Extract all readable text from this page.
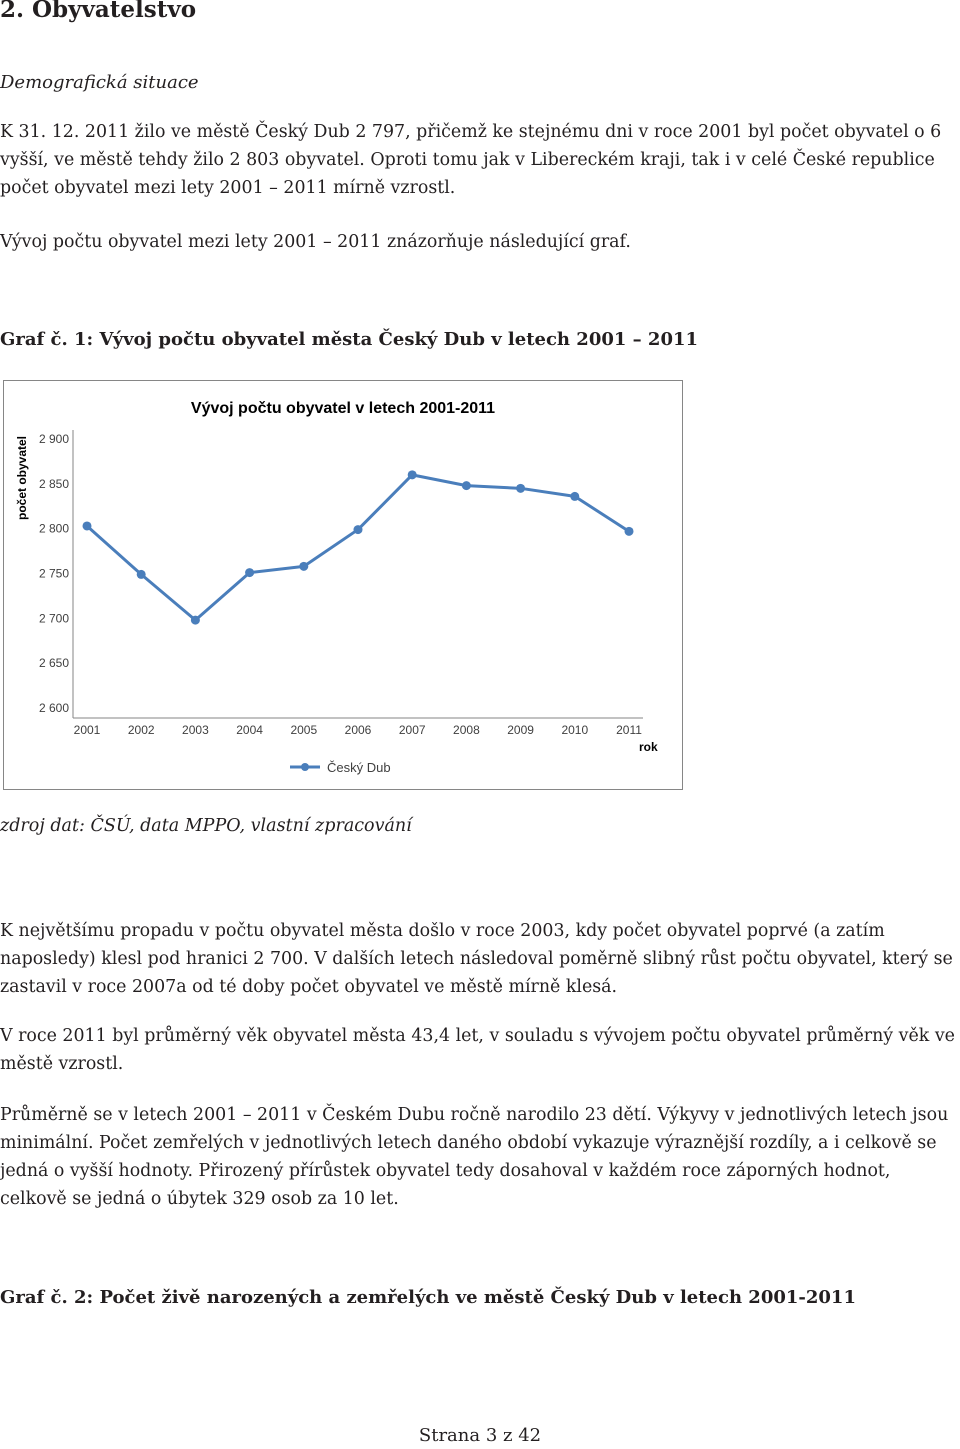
2. Obyvatelstvo

Demografická situace

K 31. 12. 2011 žilo ve městě Český Dub 2 797, přičemž ke stejnému dni v roce 2001 byl počet obyvatel o 6 vyšší, ve městě tehdy žilo 2 803 obyvatel. Oproti tomu jak v Libereckém kraji, tak i v celé České republice počet obyvatel mezi lety 2001 – 2011 mírně vzrostl.

Vývoj počtu obyvatel mezi lety 2001 – 2011 znázorňuje následující graf.

Graf č. 1: Vývoj počtu obyvatel města Český Dub v letech 2001 – 2011

Vývoj počtu obyvatel v letech 2001-2011
počet obyvatel
2 600
2 650
2 700
2 750
2 800
2 850
2 900
2001 2002 2003 2004 2005 2006 2007 2008 2009 2010 2011
rok
Český Dub

zdroj dat: ČSÚ, data MPPO, vlastní zpracování

K největšímu propadu v počtu obyvatel města došlo v roce 2003, kdy počet obyvatel poprvé (a zatím naposledy) klesl pod hranici 2 700. V dalších letech následoval poměrně slibný růst počtu obyvatel, který se zastavil v roce 2007a od té doby počet obyvatel ve městě mírně klesá.

V roce 2011 byl průměrný věk obyvatel města 43,4 let, v souladu s vývojem počtu obyvatel průměrný věk ve městě vzrostl.

Průměrně se v letech 2001 – 2011 v Českém Dubu ročně narodilo 23 dětí. Výkyvy v jednotlivých letech jsou minimální. Počet zemřelých v jednotlivých letech daného období vykazuje výraznější rozdíly, a i celkově se jedná o vyšší hodnoty. Přirozený přírůstek obyvatel tedy dosahoval v každém roce záporných hodnot, celkově se jedná o úbytek 329 osob za 10 let.

Graf č. 2: Počet živě narozených a zemřelých ve městě Český Dub v letech 2001-2011

Strana 3 z 42
